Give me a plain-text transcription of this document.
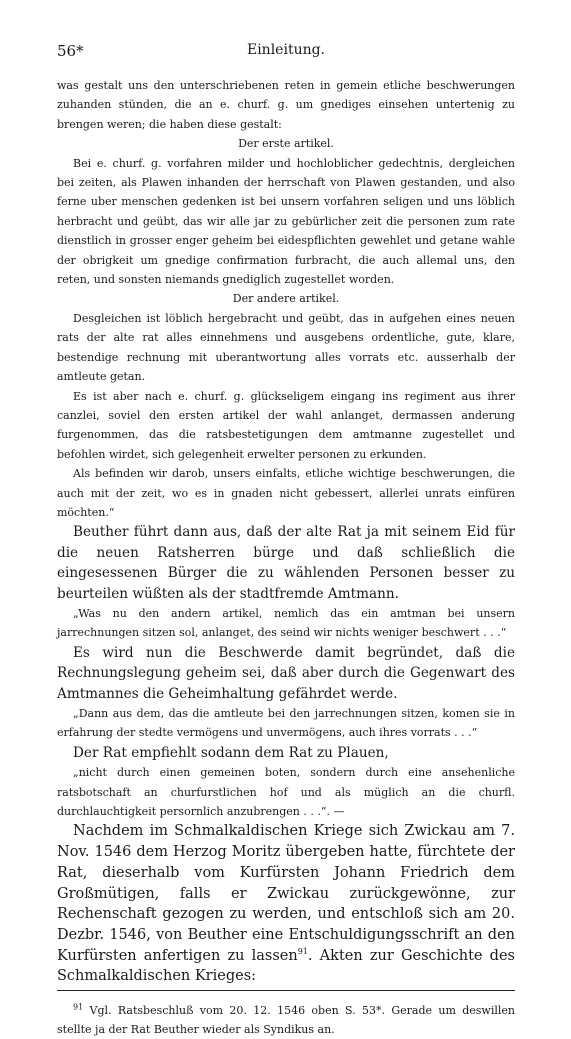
56*	Einleitung.

was gestalt uns den unterschriebenen reten in gemein etliche beschwerungen zuhanden stünden, die an e. churf. g. um gnediges einsehen untertenig zu brengen weren; die haben diese gestalt:

Der erste artikel.

Bei e. churf. g. vorfahren milder und hochloblicher gedechtnis, dergleichen bei zeiten, als Plawen inhanden der herrschaft von Plawen gestanden, und also ferne uber menschen gedenken ist bei unsern vorfahren seligen und uns löblich herbracht und geübt, das wir alle jar zu gebürlicher zeit die personen zum rate dienstlich in grosser enger geheim bei eidespflichten gewehlet und getane wahle der obrigkeit um gnedige confirmation furbracht, die auch allemal uns, den reten, und sonsten niemands gnediglich zugestellet worden.

Der andere artikel.

Desgleichen ist löblich hergebracht und geübt, das in aufgehen eines neuen rats der alte rat alles einnehmens und ausgebens ordentliche, gute, klare, bestendige rechnung mit uberantwortung alles vorrats etc. ausserhalb der amtleute getan.

Es ist aber nach e. churf. g. glückseligem eingang ins regiment aus ihrer canzlei, soviel den ersten artikel der wahl anlanget, dermassen anderung furgenommen, das die ratsbestetigungen dem amtmanne zugestellet und befohlen wirdet, sich gelegenheit erwelter personen zu erkunden.

Als befinden wir darob, unsers einfalts, etliche wichtige beschwerungen, die auch mit der zeit, wo es in gnaden nicht gebessert, allerlei unrats einfüren möchten.“

Beuther führt dann aus, daß der alte Rat ja mit seinem Eid für die neuen Ratsherren bürge und daß schließlich die eingesessenen Bürger die zu wählenden Personen besser zu beurteilen wüßten als der stadtfremde Amtmann.

„Was nu den andern artikel, nemlich das ein amtman bei unsern jarrechnungen sitzen sol, anlanget, des seind wir nichts weniger beschwert . . .“

Es wird nun die Beschwerde damit begründet, daß die Rechnungslegung geheim sei, daß aber durch die Gegenwart des Amtmannes die Geheimhaltung gefährdet werde.

„Dann aus dem, das die amtleute bei den jarrechnungen sitzen, komen sie in erfahrung der stedte vermögens und unvermögens, auch ihres vorrats . . .“

Der Rat empfiehlt sodann dem Rat zu Plauen,

„nicht durch einen gemeinen boten, sondern durch eine ansehenliche ratsbotschaft an churfurstlichen hof und als müglich an die churfl. durchlauchtigkeit persornlich anzubrengen . . .“. —

Nachdem im Schmalkaldischen Kriege sich Zwickau am 7. Nov. 1546 dem Herzog Moritz übergeben hatte, fürchtete der Rat, dieserhalb vom Kurfürsten Johann Friedrich dem Großmütigen, falls er Zwickau zurückgewönne, zur Rechenschaft gezogen zu werden, und entschloß sich am 20. Dezbr. 1546, von Beuther eine Entschuldigungsschrift an den Kurfürsten anfertigen zu lassen$^{91}$. Akten zur Geschichte des Schmalkaldischen Krieges:

$^{91}$ Vgl. Ratsbeschluß vom 20. 12. 1546 oben S. 53*. Gerade um deswillen stellte ja der Rat Beuther wieder als Syndikus an.
